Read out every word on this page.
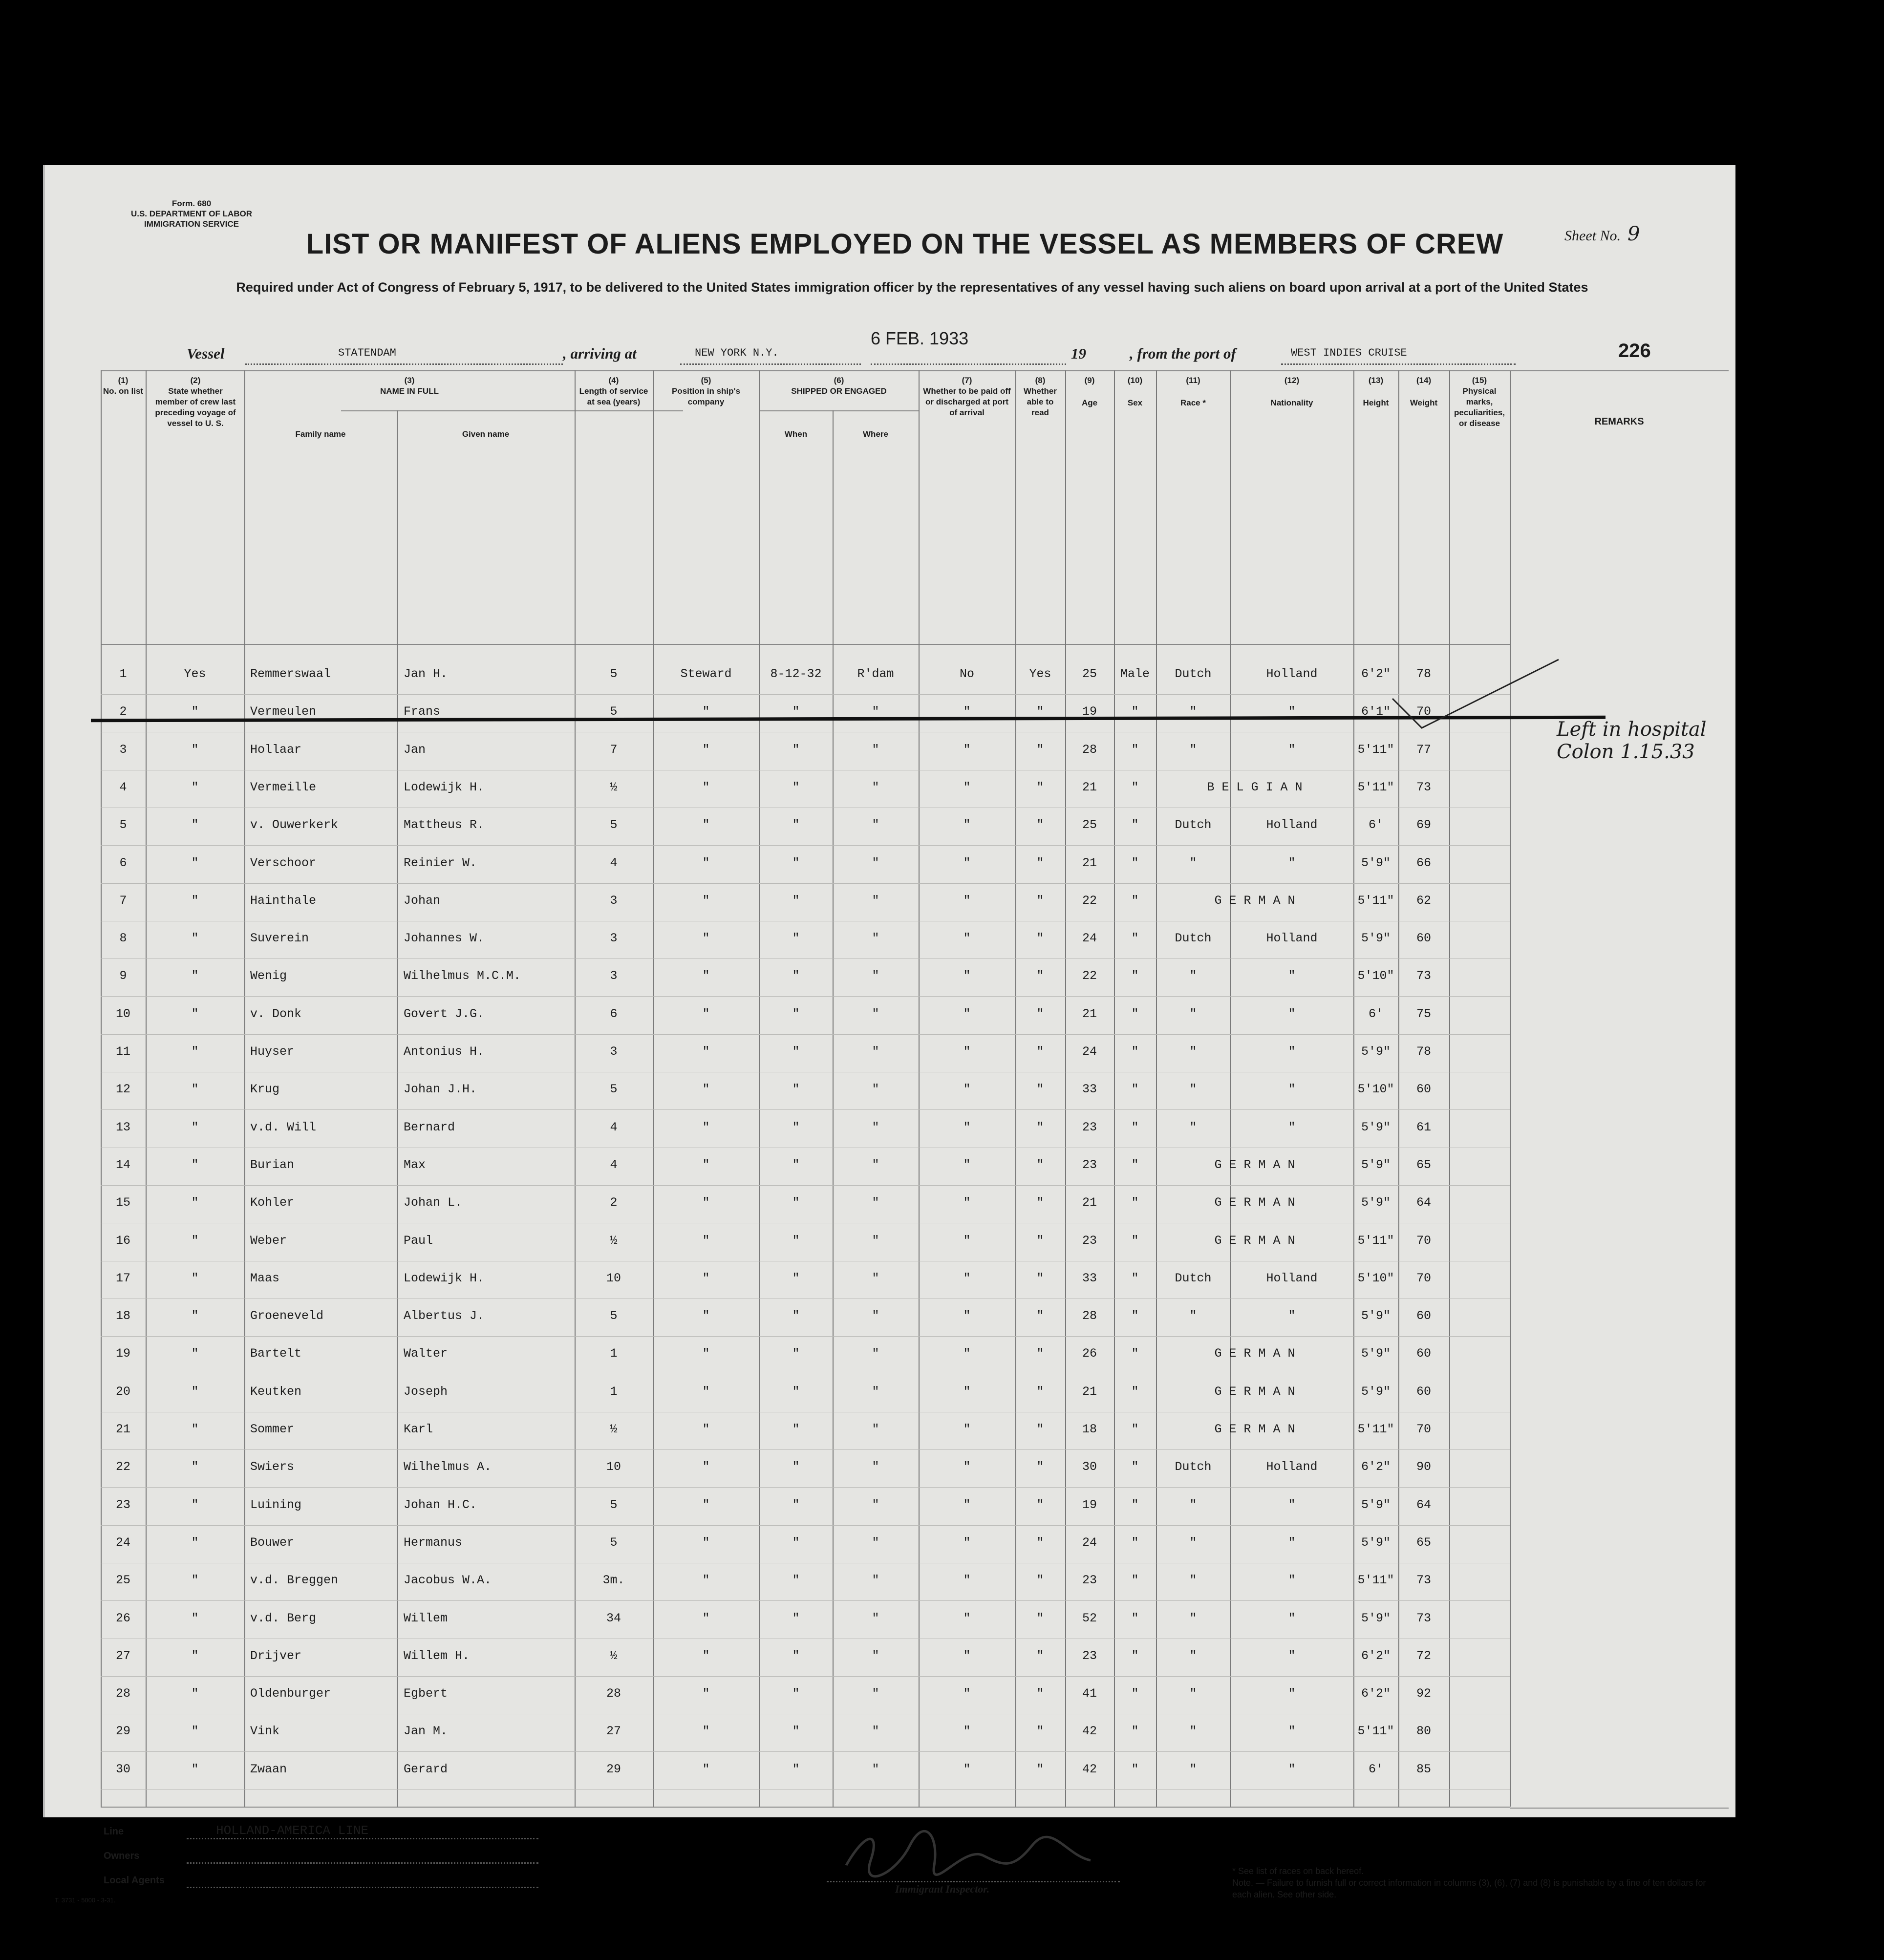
Form. 680
U.S. DEPARTMENT OF LABOR
IMMIGRATION SERVICE
LIST OR MANIFEST OF ALIENS EMPLOYED ON THE VESSEL AS MEMBERS OF CREW	Sheet No. 9
Required under Act of Congress of February 5, 1917, to be delivered to the United States immigration officer by the representatives of any vessel having such aliens on board upon arrival at a port of the United States
Vessel	STATENDAM	, arriving at	NEW YORK N.Y.
6 FEB. 1933
19	, from the port of	WEST INDIES CRUISE	226
(1)
No. on list
(2)
State whether member of crew last preceding voyage of vessel to U. S.
(3)
NAME IN FULL
Family name	Given name
(4)
Length of service at sea (years)
(5)
Position in ship's company
(6)
SHIPPED OR ENGAGED
When	Where
(7)
Whether to be paid off or discharged at port of arrival
(8)
Whether able to read
(9)
Age
(10)
Sex
(11)
Race *
(12)
Nationality
(13)
Height
(14)
Weight
(15)
Physical marks, peculiarities, or disease
1	Yes	Remmerswaal	Jan H.	5	Steward	8-12-32	R'dam	No	Yes	25	Male	Dutch	Holland	6'2"	78
2	"	Vermeulen	Frans	5	"	"	"	"	"	19	"	"	"	6'1"	70
3	"	Hollaar	Jan	7	"	"	"	"	"	28	"	"	"	5'11"	77
4	"	Vermeille	Lodewijk H.	½	"	"	"	"	"	21	"	B E L G I A N	5'11"	73
5	"	v. Ouwerkerk	Mattheus R.	5	"	"	"	"	"	25	"	Dutch	Holland	6'	69
6	"	Verschoor	Reinier W.	4	"	"	"	"	"	21	"	"	"	5'9"	66
7	"	Hainthale	Johan	3	"	"	"	"	"	22	"	G E R M A N	5'11"	62
8	"	Suverein	Johannes W.	3	"	"	"	"	"	24	"	Dutch	Holland	5'9"	60
9	"	Wenig	Wilhelmus M.C.M.	3	"	"	"	"	"	22	"	"	"	5'10"	73
10	"	v. Donk	Govert J.G.	6	"	"	"	"	"	21	"	"	"	6'	75
11	"	Huyser	Antonius H.	3	"	"	"	"	"	24	"	"	"	5'9"	78
12	"	Krug	Johan J.H.	5	"	"	"	"	"	33	"	"	"	5'10"	60
13	"	v.d. Will	Bernard	4	"	"	"	"	"	23	"	"	"	5'9"	61
14	"	Burian	Max	4	"	"	"	"	"	23	"	G E R M A N	5'9"	65
15	"	Kohler	Johan L.	2	"	"	"	"	"	21	"	G E R M A N	5'9"	64
16	"	Weber	Paul	½	"	"	"	"	"	23	"	G E R M A N	5'11"	70
17	"	Maas	Lodewijk H.	10	"	"	"	"	"	33	"	Dutch	Holland	5'10"	70
18	"	Groeneveld	Albertus J.	5	"	"	"	"	"	28	"	"	"	5'9"	60
19	"	Bartelt	Walter	1	"	"	"	"	"	26	"	G E R M A N	5'9"	60
20	"	Keutken	Joseph	1	"	"	"	"	"	21	"	G E R M A N	5'9"	60
21	"	Sommer	Karl	½	"	"	"	"	"	18	"	G E R M A N	5'11"	70
22	"	Swiers	Wilhelmus A.	10	"	"	"	"	"	30	"	Dutch	Holland	6'2"	90
23	"	Luining	Johan H.C.	5	"	"	"	"	"	19	"	"	"	5'9"	64
24	"	Bouwer	Hermanus	5	"	"	"	"	"	24	"	"	"	5'9"	65
25	"	v.d. Breggen	Jacobus W.A.	3m.	"	"	"	"	"	23	"	"	"	5'11"	73
26	"	v.d. Berg	Willem	34	"	"	"	"	"	52	"	"	"	5'9"	73
27	"	Drijver	Willem H.	½	"	"	"	"	"	23	"	"	"	6'2"	72
28	"	Oldenburger	Egbert	28	"	"	"	"	"	41	"	"	"	6'2"	92
29	"	Vink	Jan M.	27	"	"	"	"	"	42	"	"	"	5'11"	80
30	"	Zwaan	Gerard	29	"	"	"	"	"	42	"	"	"	6'	85
REMARKS
Left in hospital
Colon 1.15.33
Line	HOLLAND-AMERICA LINE
Owners
Local Agents
Immigrant Inspector.
* See list of races on back hereof.
Note. — Failure to furnish full or correct information in columns (3), (6), (7) and (8) is punishable by a fine of ten dollars for each alien. See other side.
T. 3731 - 5000 - 3-31.
